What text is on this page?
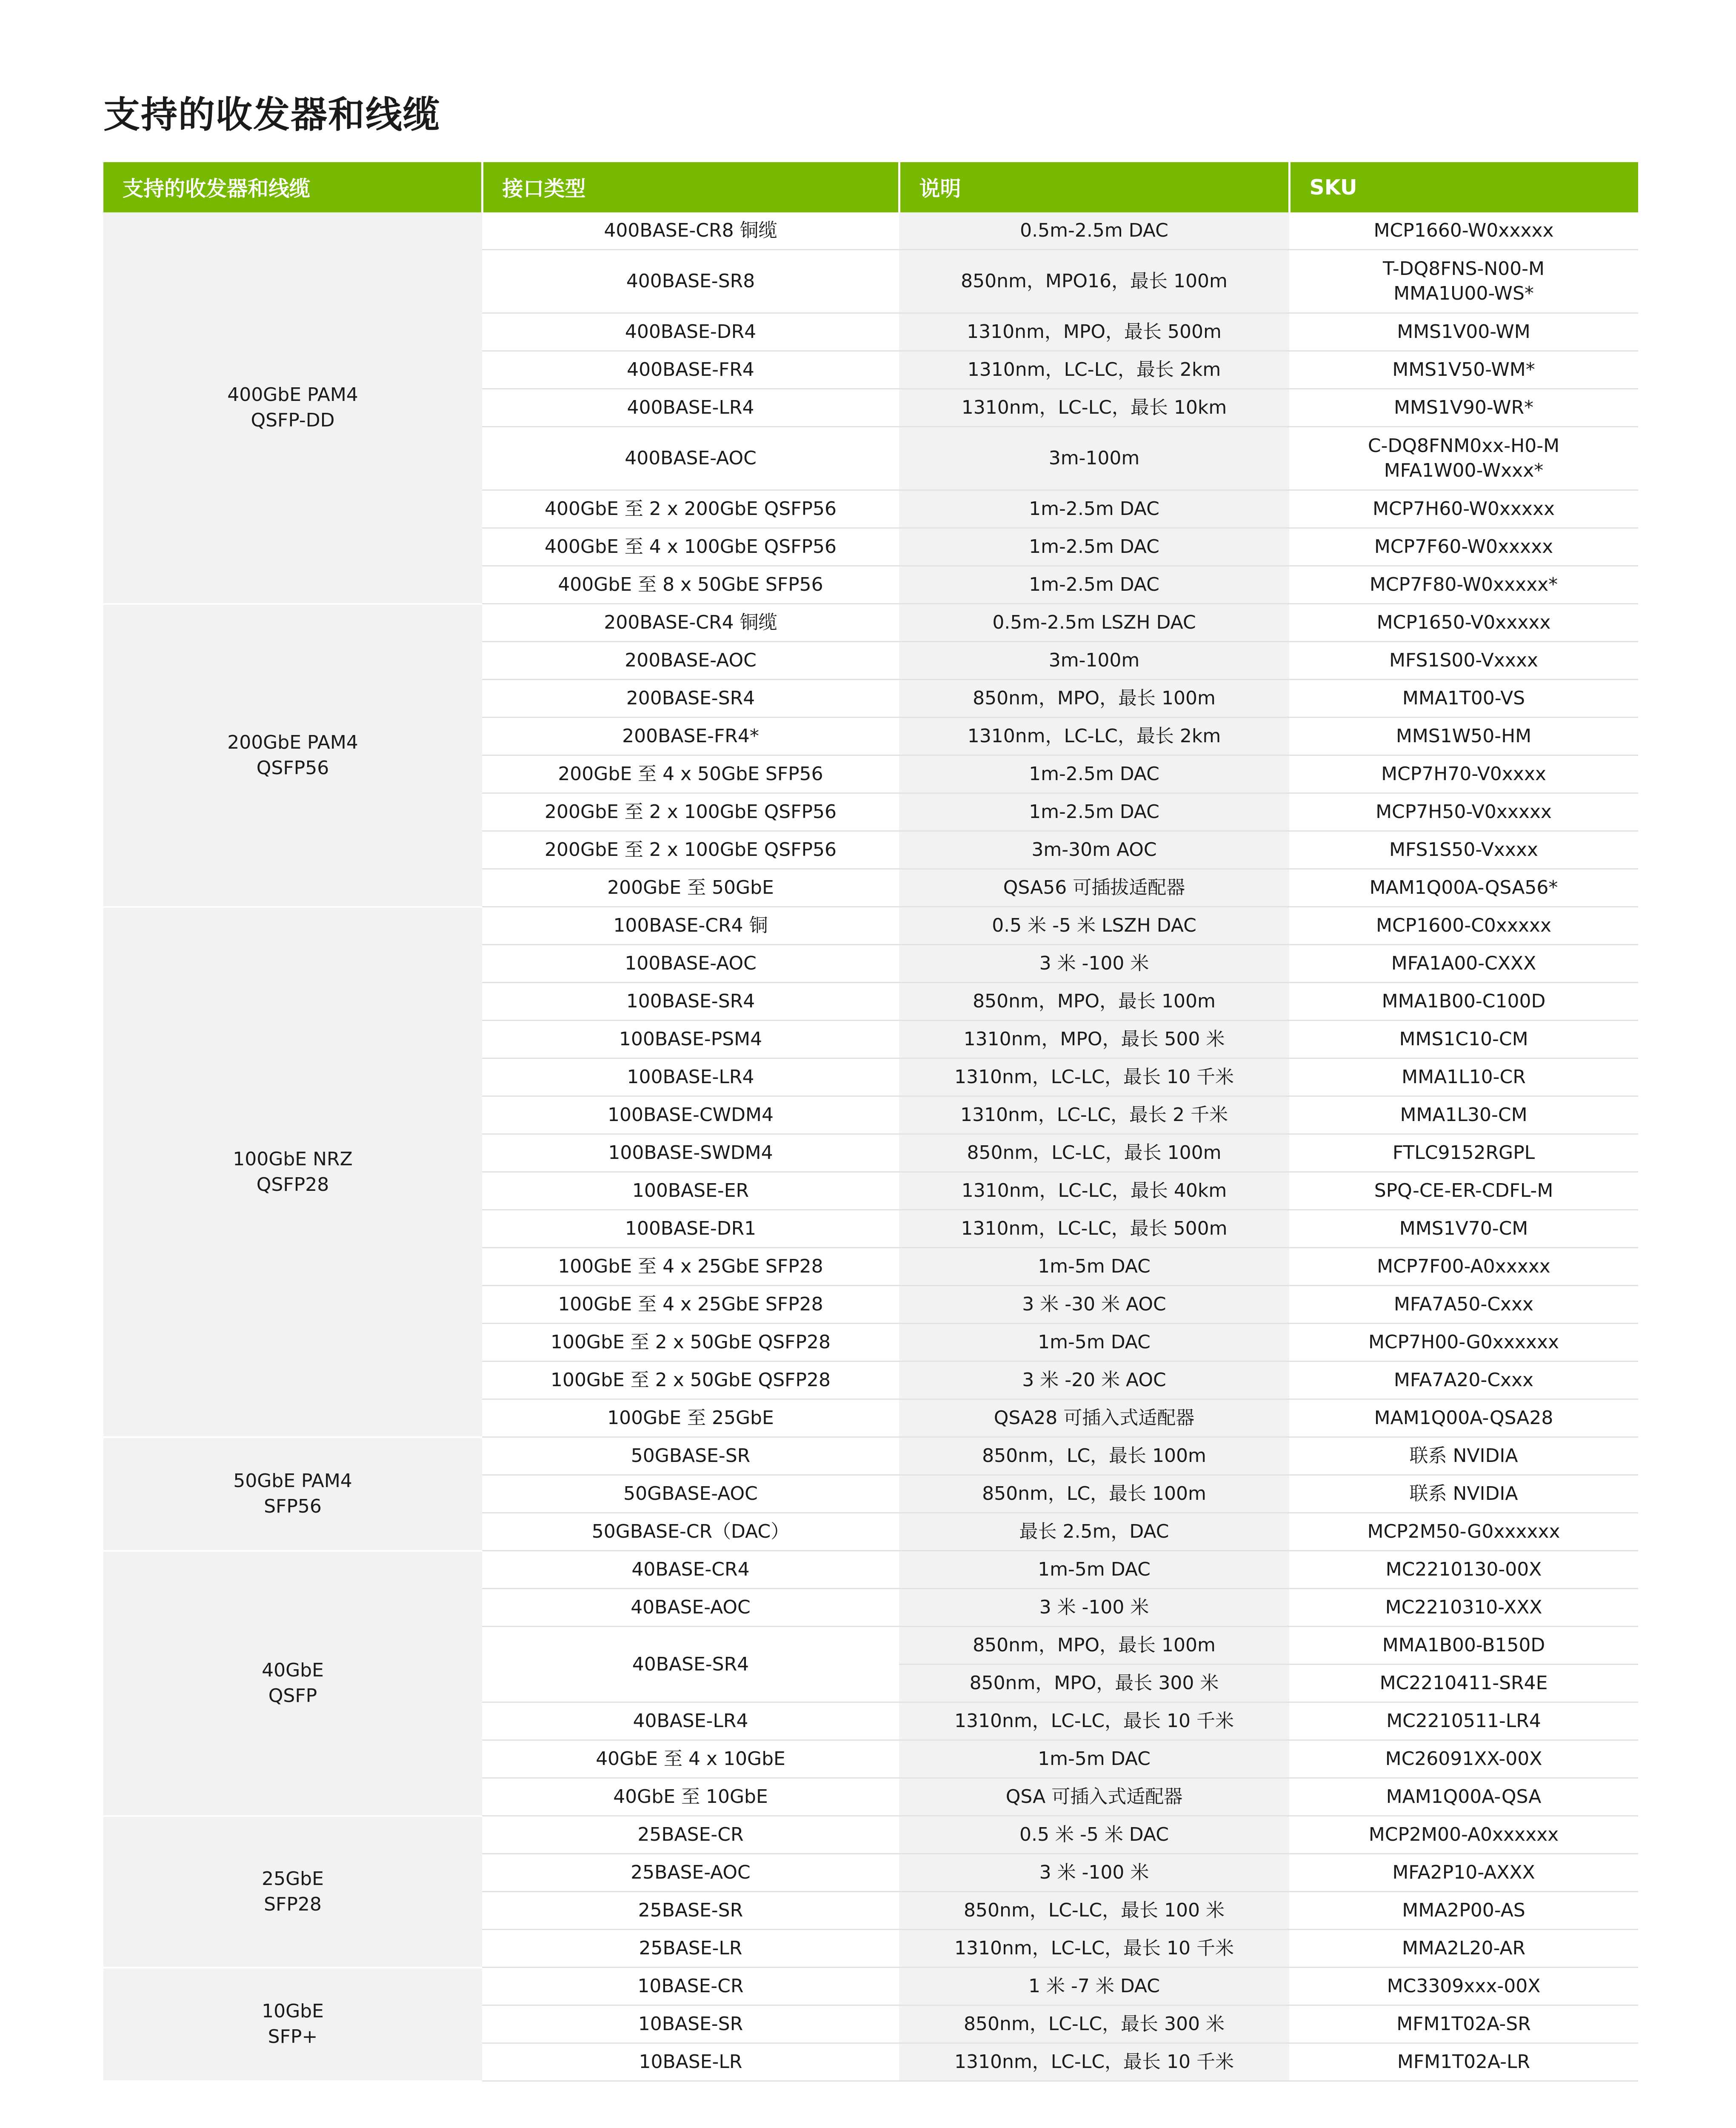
支持的收发器和线缆
支持的收发器和线缆	接口类型	说明	SKU
400GbE PAM4
QSFP-DD	400BASE-CR8 铜缆	0.5m-2.5m DAC	MCP1660-W0xxxxx
	400BASE-SR8	850nm，MPO16，最长 100m	T-DQ8FNS-N00-M
MMA1U00-WS*
	400BASE-DR4	1310nm，MPO，最长 500m	MMS1V00-WM
	400BASE-FR4	1310nm，LC-LC，最长 2km	MMS1V50-WM*
	400BASE-LR4	1310nm，LC-LC，最长 10km	MMS1V90-WR*
	400BASE-AOC	3m-100m	C-DQ8FNM0xx-H0-M
MFA1W00-Wxxx*
	400GbE 至 2 x 200GbE QSFP56	1m-2.5m DAC	MCP7H60-W0xxxxx
	400GbE 至 4 x 100GbE QSFP56	1m-2.5m DAC	MCP7F60-W0xxxxx
	400GbE 至 8 x 50GbE SFP56	1m-2.5m DAC	MCP7F80-W0xxxxx*
200GbE PAM4
QSFP56	200BASE-CR4 铜缆	0.5m-2.5m LSZH DAC	MCP1650-V0xxxxx
	200BASE-AOC	3m-100m	MFS1S00-Vxxxx
	200BASE-SR4	850nm，MPO，最长 100m	MMA1T00-VS
	200BASE-FR4*	1310nm，LC-LC，最长 2km	MMS1W50-HM
	200GbE 至 4 x 50GbE SFP56	1m-2.5m DAC	MCP7H70-V0xxxx
	200GbE 至 2 x 100GbE QSFP56	1m-2.5m DAC	MCP7H50-V0xxxxx
	200GbE 至 2 x 100GbE QSFP56	3m-30m AOC	MFS1S50-Vxxxx
	200GbE 至 50GbE	QSA56 可插拔适配器	MAM1Q00A-QSA56*
100GbE NRZ
QSFP28	100BASE-CR4 铜	0.5 米 -5 米 LSZH DAC	MCP1600-C0xxxxx
	100BASE-AOC	3 米 -100 米	MFA1A00-CXXX
	100BASE-SR4	850nm，MPO，最长 100m	MMA1B00-C100D
	100BASE-PSM4	1310nm，MPO，最长 500 米	MMS1C10-CM
	100BASE-LR4	1310nm，LC-LC，最长 10 千米	MMA1L10-CR
	100BASE-CWDM4	1310nm，LC-LC，最长 2 千米	MMA1L30-CM
	100BASE-SWDM4	850nm，LC-LC，最长 100m	FTLC9152RGPL
	100BASE-ER	1310nm，LC-LC，最长 40km	SPQ-CE-ER-CDFL-M
	100BASE-DR1	1310nm，LC-LC，最长 500m	MMS1V70-CM
	100GbE 至 4 x 25GbE SFP28	1m-5m DAC	MCP7F00-A0xxxxx
	100GbE 至 4 x 25GbE SFP28	3 米 -30 米 AOC	MFA7A50-Cxxx
	100GbE 至 2 x 50GbE QSFP28	1m-5m DAC	MCP7H00-G0xxxxxx
	100GbE 至 2 x 50GbE QSFP28	3 米 -20 米 AOC	MFA7A20-Cxxx
	100GbE 至 25GbE	QSA28 可插入式适配器	MAM1Q00A-QSA28
50GbE PAM4
SFP56	50GBASE-SR	850nm，LC，最长 100m	联系 NVIDIA
	50GBASE-AOC	850nm，LC，最长 100m	联系 NVIDIA
	50GBASE-CR（DAC）	最长 2.5m，DAC	MCP2M50-G0xxxxxx
40GbE
QSFP	40BASE-CR4	1m-5m DAC	MC2210130-00X
	40BASE-AOC	3 米 -100 米	MC2210310-XXX
	40BASE-SR4	850nm，MPO，最长 100m	MMA1B00-B150D
		850nm，MPO，最长 300 米	MC2210411-SR4E
	40BASE-LR4	1310nm，LC-LC，最长 10 千米	MC2210511-LR4
	40GbE 至 4 x 10GbE	1m-5m DAC	MC26091XX-00X
	40GbE 至 10GbE	QSA 可插入式适配器	MAM1Q00A-QSA
25GbE
SFP28	25BASE-CR	0.5 米 -5 米 DAC	MCP2M00-A0xxxxxx
	25BASE-AOC	3 米 -100 米	MFA2P10-AXXX
	25BASE-SR	850nm，LC-LC，最长 100 米	MMA2P00-AS
	25BASE-LR	1310nm，LC-LC，最长 10 千米	MMA2L20-AR
10GbE
SFP+	10BASE-CR	1 米 -7 米 DAC	MC3309xxx-00X
	10BASE-SR	850nm，LC-LC，最长 300 米	MFM1T02A-SR
	10BASE-LR	1310nm，LC-LC，最长 10 千米	MFM1T02A-LR
